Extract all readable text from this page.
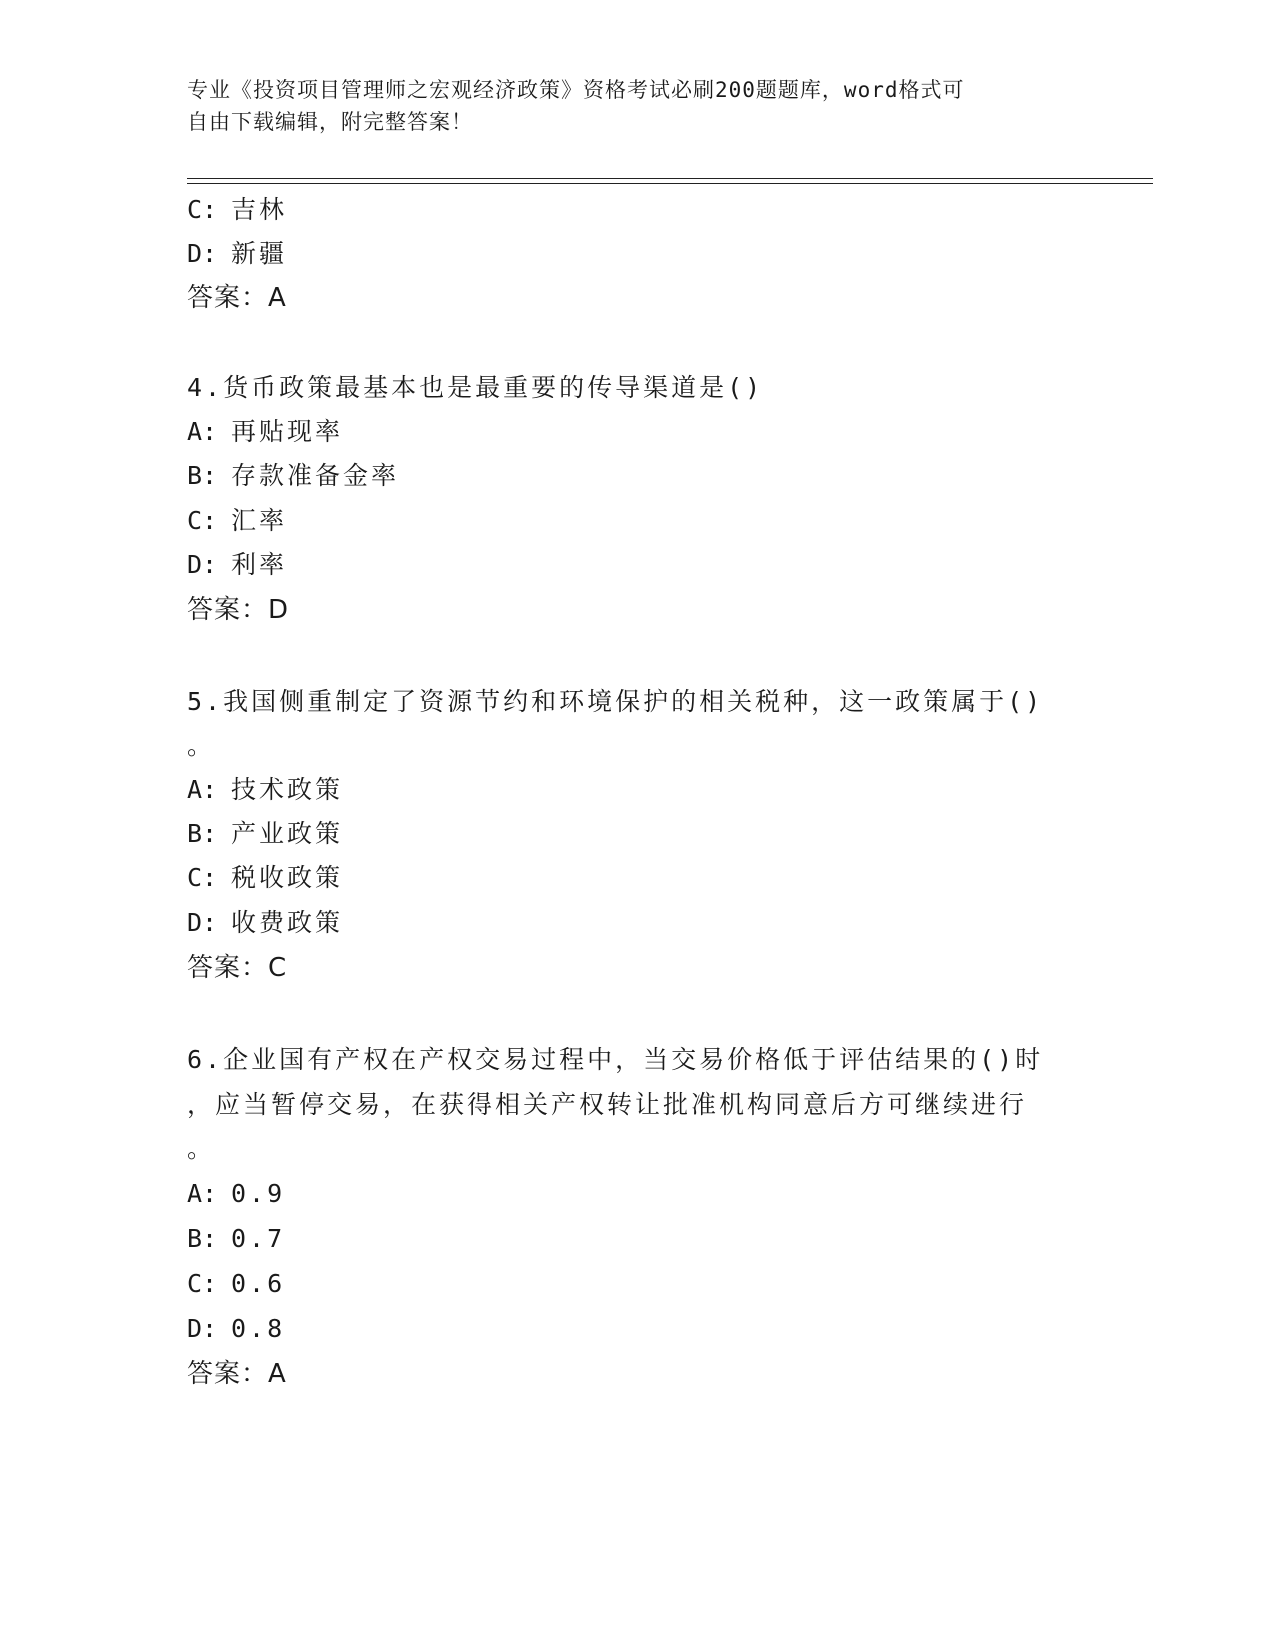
专业《投资项目管理师之宏观经济政策》资格考试必刷200题题库，word格式可
自由下载编辑，附完整答案！
C: 吉林
D: 新疆
答案：A
4.货币政策最基本也是最重要的传导渠道是()
A: 再贴现率
B: 存款准备金率
C: 汇率
D: 利率
答案：D
5.我国侧重制定了资源节约和环境保护的相关税种，这一政策属于()
。
A: 技术政策
B: 产业政策
C: 税收政策
D: 收费政策
答案：C
6.企业国有产权在产权交易过程中，当交易价格低于评估结果的()时
，应当暂停交易，在获得相关产权转让批准机构同意后方可继续进行
。
A: 0.9
B: 0.7
C: 0.6
D: 0.8
答案：A
